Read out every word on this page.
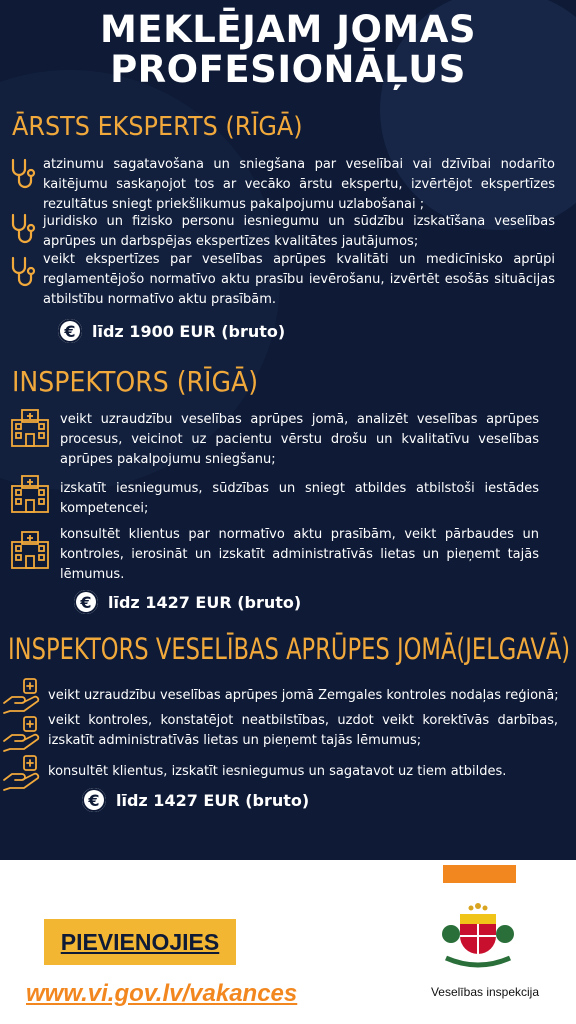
MEKLĒJAM JOMAS
PROFESIONĀĻUS
ĀRSTS EKSPERTS (RĪGĀ)
atzinumu sagatavošana un sniegšana par veselībai vai dzīvībai nodarīto kaitējumu saskaņojot tos ar vecāko ārstu ekspertu, izvērtējot ekspertīzes rezultātus sniegt priekšlikumus pakalpojumu uzlabošanai ;
juridisko un fizisko personu iesniegumu un sūdzību izskatīšana veselības aprūpes un darbspējas ekspertīzes kvalitātes jautājumos;
veikt ekspertīzes par veselības aprūpes kvalitāti un medicīnisko aprūpi reglamentējošo normatīvo aktu prasību ievērošanu, izvērtēt esošās situācijas atbilstību normatīvo aktu prasībām.
€	līdz 1900 EUR (bruto)
INSPEKTORS (RĪGĀ)
veikt uzraudzību veselības aprūpes jomā, analizēt veselības aprūpes procesus, veicinot uz pacientu vērstu drošu un kvalitatīvu veselības aprūpes pakalpojumu sniegšanu;
izskatīt iesniegumus, sūdzības un sniegt atbildes atbilstoši iestādes kompetencei;
konsultēt klientus par normatīvo aktu prasībām, veikt pārbaudes un kontroles, ierosināt un izskatīt administratīvās lietas un pieņemt tajās lēmumus.
€	līdz 1427 EUR (bruto)
INSPEKTORS VESELĪBAS APRŪPES JOMĀ(JELGAVĀ)
veikt uzraudzību veselības aprūpes jomā Zemgales kontroles nodaļas reģionā;
veikt kontroles, konstatējot neatbilstības, uzdot veikt korektīvās darbības, izskatīt administratīvās lietas un pieņemt tajās lēmumus;
konsultēt klientus, izskatīt iesniegumus un sagatavot uz tiem atbildes.
€	līdz 1427 EUR (bruto)
PIEVIENOJIES
www.vi.gov.lv/vakances	Veselības inspekcija
